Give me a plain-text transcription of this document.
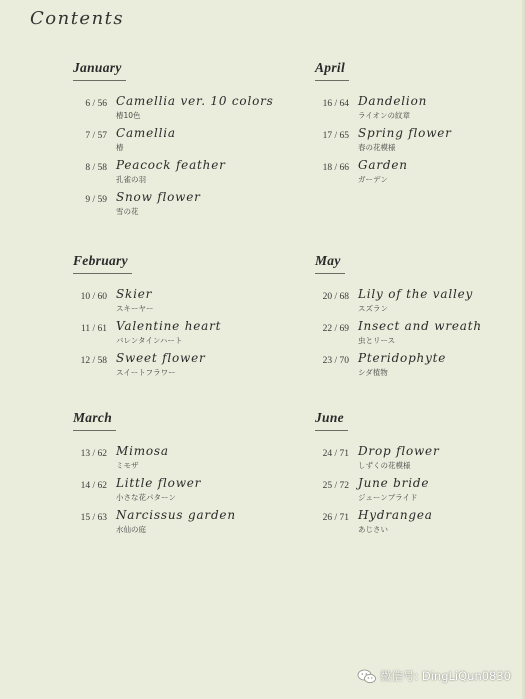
Contents
January
6 / 56 Camellia ver. 10 colors
椿10色
7 / 57 Camellia
椿
8 / 58 Peacock feather
孔雀の羽
9 / 59 Snow flower
雪の花
April
16 / 64 Dandelion
ライオンの紋章
17 / 65 Spring flower
春の花模様
18 / 66 Garden
ガーデン
February
10 / 60 Skier
スキーヤー
11 / 61 Valentine heart
バレンタインハート
12 / 58 Sweet flower
スイートフラワー
May
20 / 68 Lily of the valley
スズラン
22 / 69 Insect and wreath
虫とリース
23 / 70 Pteridophyte
シダ植物
March
13 / 62 Mimosa
ミモザ
14 / 62 Little flower
小さな花パターン
15 / 63 Narcissus garden
水仙の庭
June
24 / 71 Drop flower
しずくの花模様
25 / 72 June bride
ジューンブライド
26 / 71 Hydrangea
あじさい
微信号: DingLiQun0830
